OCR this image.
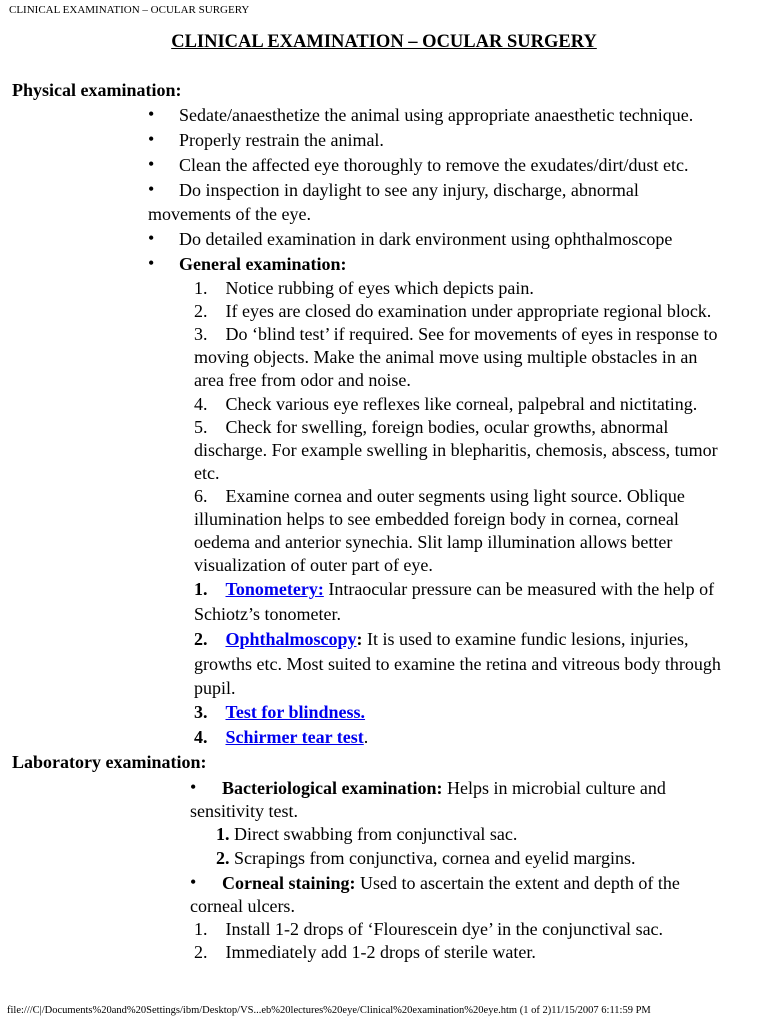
CLINICAL EXAMINATION – OCULAR SURGERY
CLINICAL EXAMINATION – OCULAR SURGERY
Physical examination:
• Sedate/anaesthetize the animal using appropriate anaesthetic technique.
• Properly restrain the animal.
• Clean the affected eye thoroughly to remove the exudates/dirt/dust etc.
• Do inspection in daylight to see any injury, discharge, abnormal
movements of the eye.
• Do detailed examination in dark environment using ophthalmoscope
• General examination:
1. Notice rubbing of eyes which depicts pain.
2. If eyes are closed do examination under appropriate regional block.
3. Do ‘blind test’ if required. See for movements of eyes in response to
moving objects. Make the animal move using multiple obstacles in an
area free from odor and noise.
4. Check various eye reflexes like corneal, palpebral and nictitating.
5. Check for swelling, foreign bodies, ocular growths, abnormal
discharge. For example swelling in blepharitis, chemosis, abscess, tumor
etc.
6. Examine cornea and outer segments using light source. Oblique
illumination helps to see embedded foreign body in cornea, corneal
oedema and anterior synechia. Slit lamp illumination allows better
visualization of outer part of eye.
1. Tonometery: Intraocular pressure can be measured with the help of
Schiotz’s tonometer.
2. Ophthalmoscopy: It is used to examine fundic lesions, injuries,
growths etc. Most suited to examine the retina and vitreous body through
pupil.
3. Test for blindness.
4. Schirmer tear test.
Laboratory examination:
• Bacteriological examination: Helps in microbial culture and
sensitivity test.
1. Direct swabbing from conjunctival sac.
2. Scrapings from conjunctiva, cornea and eyelid margins.
• Corneal staining: Used to ascertain the extent and depth of the
corneal ulcers.
1. Install 1-2 drops of ‘Flourescein dye’ in the conjunctival sac.
2. Immediately add 1-2 drops of sterile water.
file:///C|/Documents%20and%20Settings/ibm/Desktop/VS...eb%20lectures%20eye/Clinical%20examination%20eye.htm (1 of 2)11/15/2007 6:11:59 PM
